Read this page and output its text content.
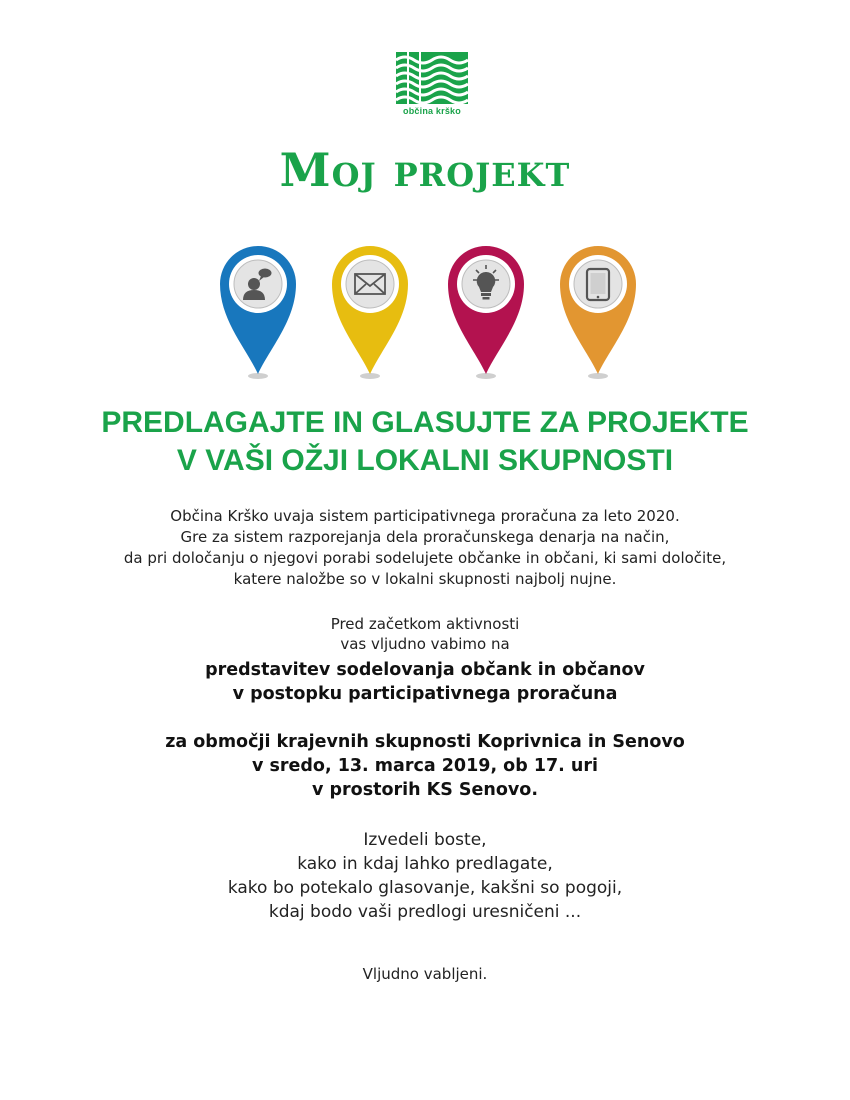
občina krško
Moj projekt
PREDLAGAJTE IN GLASUJTE ZA PROJEKTE
V VAŠI OŽJI LOKALNI SKUPNOSTI
Občina Krško uvaja sistem participativnega proračuna za leto 2020.
Gre za sistem razporejanja dela proračunskega denarja na način,
da pri določanju o njegovi porabi sodelujete občanke in občani, ki sami določite,
katere naložbe so v lokalni skupnosti najbolj nujne.
Pred začetkom aktivnosti
vas vljudno vabimo na
predstavitev sodelovanja občank in občanov
v postopku participativnega proračuna
za območji krajevnih skupnosti Koprivnica in Senovo
v sredo, 13. marca 2019, ob 17. uri
v prostorih KS Senovo.
Izvedeli boste,
kako in kdaj lahko predlagate,
kako bo potekalo glasovanje, kakšni so pogoji,
kdaj bodo vaši predlogi uresničeni ...
Vljudno vabljeni.
